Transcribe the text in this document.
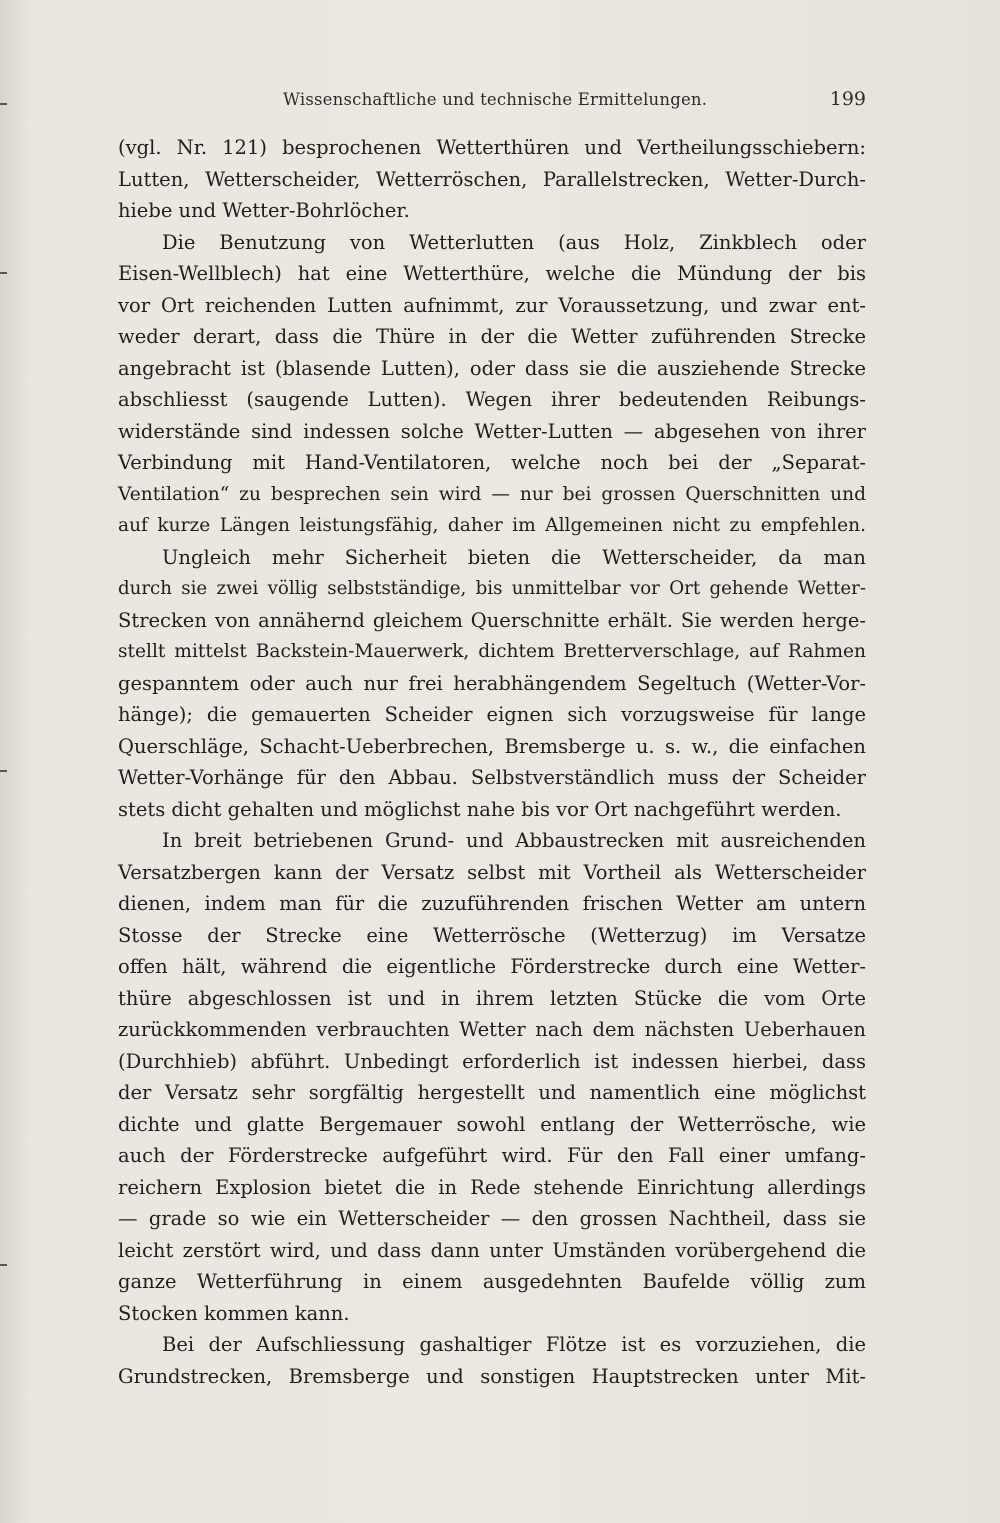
Wissenschaftliche und technische Ermittelungen.	199
(vgl. Nr. 121) besprochenen Wetterthüren und Vertheilungsschiebern:
Lutten, Wetterscheider, Wetterröschen, Parallelstrecken, Wetter-Durch-
hiebe und Wetter-Bohrlöcher.
Die Benutzung von Wetterlutten (aus Holz, Zinkblech oder
Eisen-Wellblech) hat eine Wetterthüre, welche die Mündung der bis
vor Ort reichenden Lutten aufnimmt, zur Voraussetzung, und zwar ent-
weder derart, dass die Thüre in der die Wetter zuführenden Strecke
angebracht ist (blasende Lutten), oder dass sie die ausziehende Strecke
abschliesst (saugende Lutten). Wegen ihrer bedeutenden Reibungs-
widerstände sind indessen solche Wetter-Lutten — abgesehen von ihrer
Verbindung mit Hand-Ventilatoren, welche noch bei der „Separat-
Ventilation“ zu besprechen sein wird — nur bei grossen Querschnitten und
auf kurze Längen leistungsfähig, daher im Allgemeinen nicht zu empfehlen.
Ungleich mehr Sicherheit bieten die Wetterscheider, da man
durch sie zwei völlig selbstständige, bis unmittelbar vor Ort gehende Wetter-
Strecken von annähernd gleichem Querschnitte erhält. Sie werden herge-
stellt mittelst Backstein-Mauerwerk, dichtem Bretterverschlage, auf Rahmen
gespanntem oder auch nur frei herabhängendem Segeltuch (Wetter-Vor-
hänge); die gemauerten Scheider eignen sich vorzugsweise für lange
Querschläge, Schacht-Ueberbrechen, Bremsberge u. s. w., die einfachen
Wetter-Vorhänge für den Abbau. Selbstverständlich muss der Scheider
stets dicht gehalten und möglichst nahe bis vor Ort nachgeführt werden.
In breit betriebenen Grund- und Abbaustrecken mit ausreichenden
Versatzbergen kann der Versatz selbst mit Vortheil als Wetterscheider
dienen, indem man für die zuzuführenden frischen Wetter am untern
Stosse der Strecke eine Wetterrösche (Wetterzug) im Versatze
offen hält, während die eigentliche Förderstrecke durch eine Wetter-
thüre abgeschlossen ist und in ihrem letzten Stücke die vom Orte
zurückkommenden verbrauchten Wetter nach dem nächsten Ueberhauen
(Durchhieb) abführt. Unbedingt erforderlich ist indessen hierbei, dass
der Versatz sehr sorgfältig hergestellt und namentlich eine möglichst
dichte und glatte Bergemauer sowohl entlang der Wetterrösche, wie
auch der Förderstrecke aufgeführt wird. Für den Fall einer umfang-
reichern Explosion bietet die in Rede stehende Einrichtung allerdings
— grade so wie ein Wetterscheider — den grossen Nachtheil, dass sie
leicht zerstört wird, und dass dann unter Umständen vorübergehend die
ganze Wetterführung in einem ausgedehnten Baufelde völlig zum
Stocken kommen kann.
Bei der Aufschliessung gashaltiger Flötze ist es vorzuziehen, die
Grundstrecken, Bremsberge und sonstigen Hauptstrecken unter Mit-
